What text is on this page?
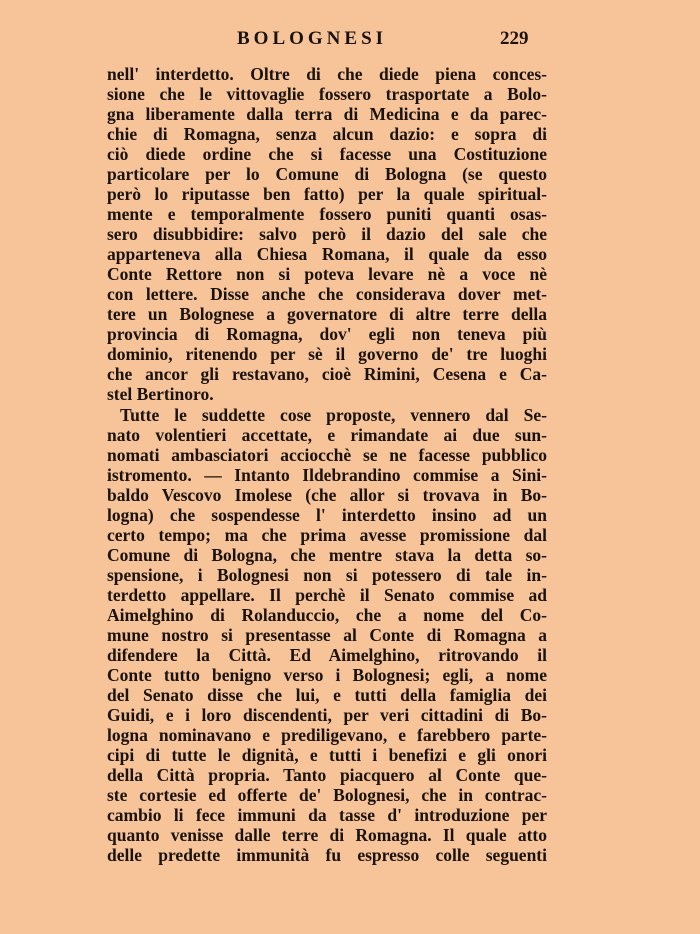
BOLOGNESI	229
nell' interdetto. Oltre di che diede piena conces-
sione che le vittovaglie fossero trasportate a Bolo-
gna liberamente dalla terra di Medicina e da parec-
chie di Romagna, senza alcun dazio: e sopra di
ciò diede ordine che si facesse una Costituzione
particolare per lo Comune di Bologna (se questo
però lo riputasse ben fatto) per la quale spiritual-
mente e temporalmente fossero puniti quanti osas-
sero disubbidire: salvo però il dazio del sale che
apparteneva alla Chiesa Romana, il quale da esso
Conte Rettore non si poteva levare nè a voce nè
con lettere. Disse anche che considerava dover met-
tere un Bolognese a governatore di altre terre della
provincia di Romagna, dov' egli non teneva più
dominio, ritenendo per sè il governo de' tre luoghi
che ancor gli restavano, cioè Rimini, Cesena e Ca-
stel Bertinoro.
Tutte le suddette cose proposte, vennero dal Se-
nato volentieri accettate, e rimandate ai due sun-
nomati ambasciatori acciocchè se ne facesse pubblico
istromento. — Intanto Ildebrandino commise a Sini-
baldo Vescovo Imolese (che allor si trovava in Bo-
logna) che sospendesse l' interdetto insino ad un
certo tempo; ma che prima avesse promissione dal
Comune di Bologna, che mentre stava la detta so-
spensione, i Bolognesi non si potessero di tale in-
terdetto appellare. Il perchè il Senato commise ad
Aimelghino di Rolanduccio, che a nome del Co-
mune nostro si presentasse al Conte di Romagna a
difendere la Città. Ed Aimelghino, ritrovando il
Conte tutto benigno verso i Bolognesi; egli, a nome
del Senato disse che lui, e tutti della famiglia dei
Guidi, e i loro discendenti, per veri cittadini di Bo-
logna nominavano e prediligevano, e farebbero parte-
cipi di tutte le dignità, e tutti i benefizi e gli onori
della Città propria. Tanto piacquero al Conte que-
ste cortesie ed offerte de' Bolognesi, che in contrac-
cambio li fece immuni da tasse d' introduzione per
quanto venisse dalle terre di Romagna. Il quale atto
delle predette immunità fu espresso colle seguenti
